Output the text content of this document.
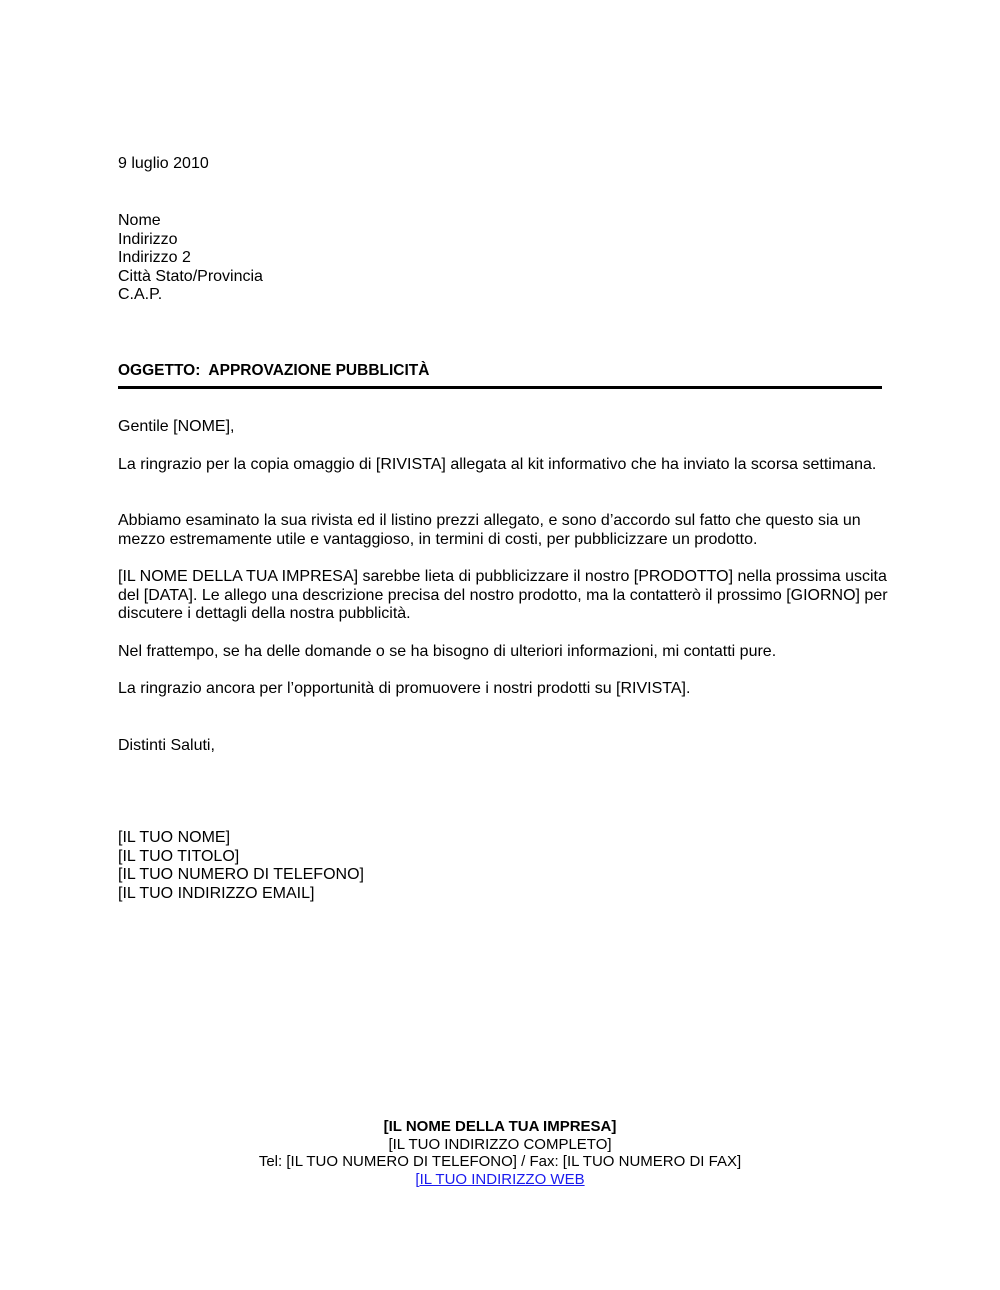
9 luglio 2010
Nome
Indirizzo
Indirizzo 2
Città Stato/Provincia
C.A.P.
OGGETTO:  APPROVAZIONE PUBBLICITÀ
Gentile [NOME],
La ringrazio per la copia omaggio di [RIVISTA] allegata al kit informativo che ha inviato la scorsa settimana.
Abbiamo esaminato la sua rivista ed il listino prezzi allegato, e sono d’accordo sul fatto che questo sia un mezzo estremamente utile e vantaggioso, in termini di costi, per pubblicizzare un prodotto.
[IL NOME DELLA TUA IMPRESA] sarebbe lieta di pubblicizzare il nostro [PRODOTTO] nella prossima uscita del [DATA]. Le allego una descrizione precisa del nostro prodotto, ma la contatterò il prossimo [GIORNO] per discutere i dettagli della nostra pubblicità.
Nel frattempo, se ha delle domande o se ha bisogno di ulteriori informazioni, mi contatti pure.
La ringrazio ancora per l’opportunità di promuovere i nostri prodotti su [RIVISTA].
Distinti Saluti,
[IL TUO NOME]
[IL TUO TITOLO]
[IL TUO NUMERO DI TELEFONO]
[IL TUO INDIRIZZO EMAIL]
[IL NOME DELLA TUA IMPRESA]
[IL TUO INDIRIZZO COMPLETO]
Tel: [IL TUO NUMERO DI TELEFONO] / Fax: [IL TUO NUMERO DI FAX]
[IL TUO INDIRIZZO WEB
